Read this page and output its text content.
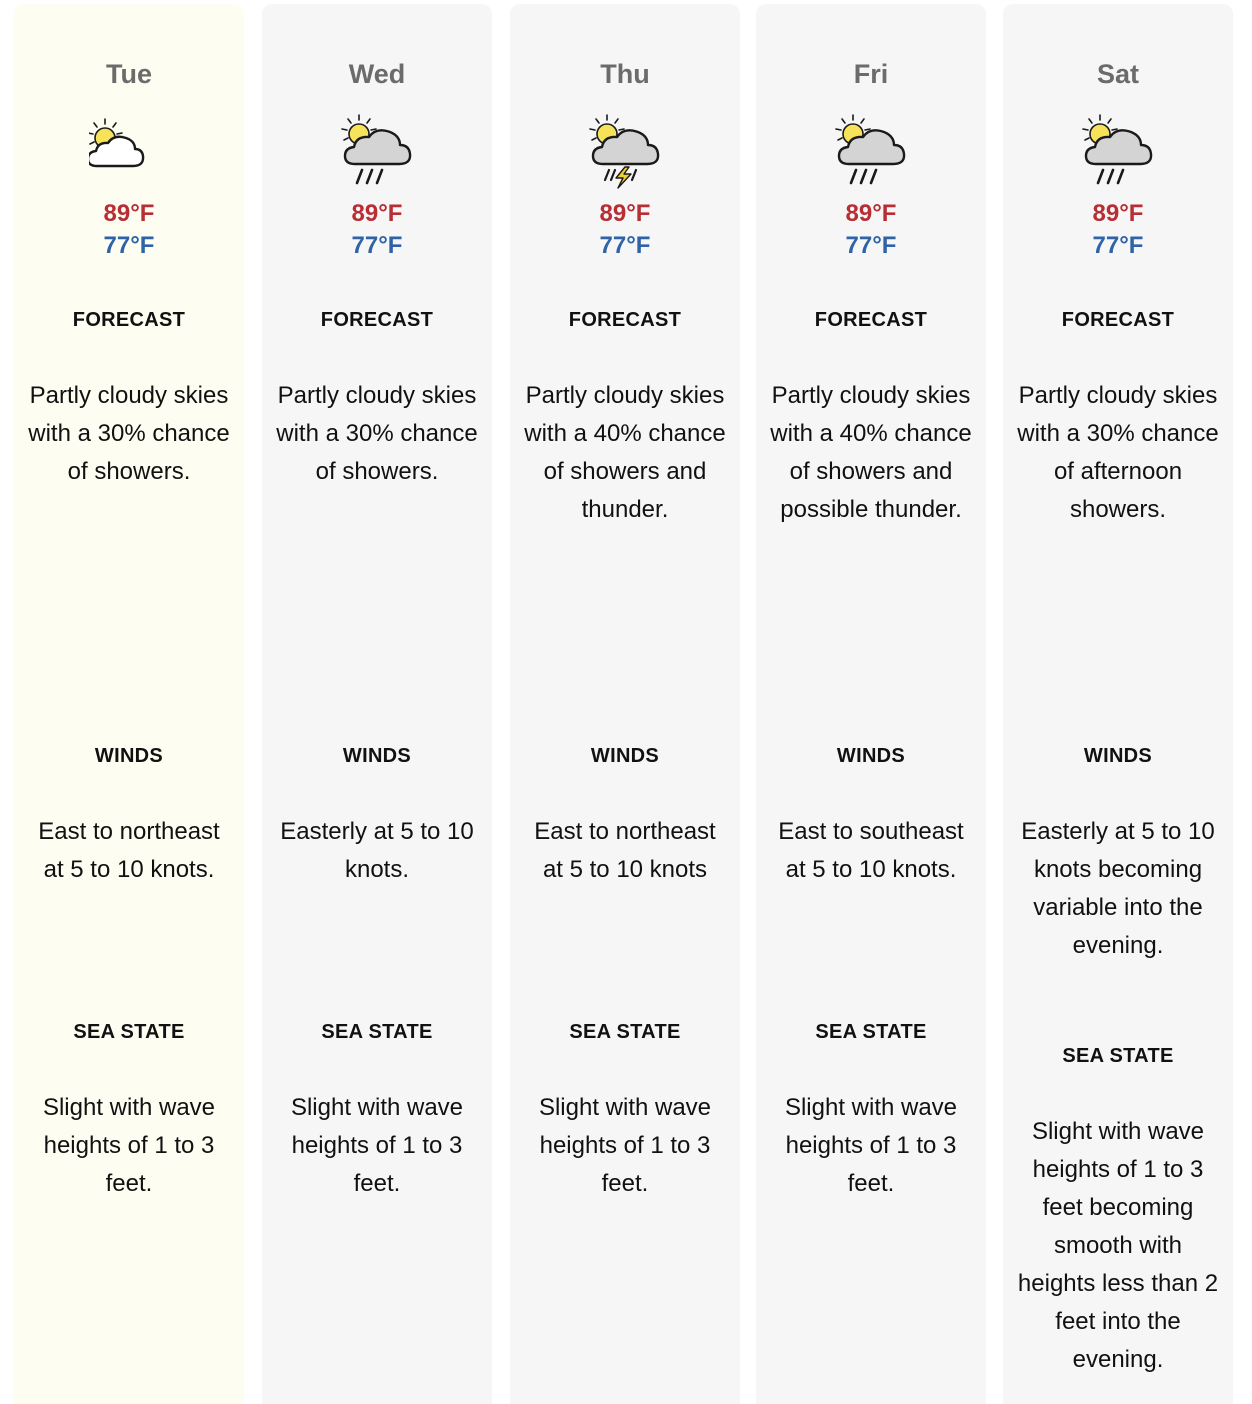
Tue
89°F
77°F
FORECAST
Partly cloudy skies with a 30% chance of showers.
WINDS
East to northeast at 5 to 10 knots.
SEA STATE
Slight with wave heights of 1 to 3 feet.
Wed
89°F
77°F
FORECAST
Partly cloudy skies with a 30% chance of showers.
WINDS
Easterly at 5 to 10 knots.
SEA STATE
Slight with wave heights of 1 to 3 feet.
Thu
89°F
77°F
FORECAST
Partly cloudy skies with a 40% chance of showers and thunder.
WINDS
East to northeast at 5 to 10 knots
SEA STATE
Slight with wave heights of 1 to 3 feet.
Fri
89°F
77°F
FORECAST
Partly cloudy skies with a 40% chance of showers and possible thunder.
WINDS
East to southeast at 5 to 10 knots.
SEA STATE
Slight with wave heights of 1 to 3 feet.
Sat
89°F
77°F
FORECAST
Partly cloudy skies with a 30% chance of afternoon showers.
WINDS
Easterly at 5 to 10 knots becoming variable into the evening.
SEA STATE
Slight with wave heights of 1 to 3 feet becoming smooth with heights less than 2 feet into the evening.
